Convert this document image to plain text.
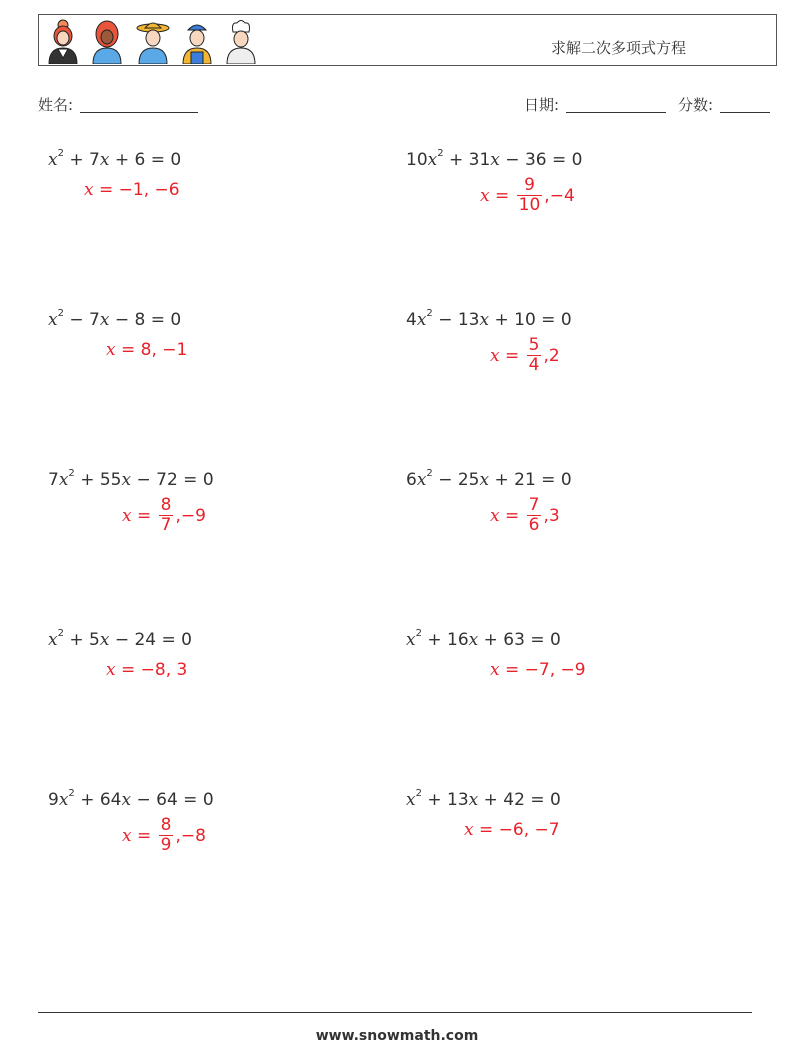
求解二次多项式方程
姓名:	日期:	分数:
$x^2 + 7x + 6 = 0$
x = −1, −6
$10x^2 + 31x - 36 = 0$
$x = \frac{9}{10} ,-4$
$x^2 - 7x - 8 = 0$
x = 8, −1
$4x^2 - 13x + 10 = 0$
$x = \frac{5}{4} ,2$
$7x^2 + 55x - 72 = 0$
$x = \frac{8}{7} ,-9$
$6x^2 - 25x + 21 = 0$
$x = \frac{7}{6} ,3$
$x^2 + 5x - 24 = 0$
x = −8, 3
$x^2 + 16x + 63 = 0$
x = −7, −9
$9x^2 + 64x - 64 = 0$
$x = \frac{8}{9} ,-8$
$x^2 + 13x + 42 = 0$
x = −6, −7
www.snowmath.com
